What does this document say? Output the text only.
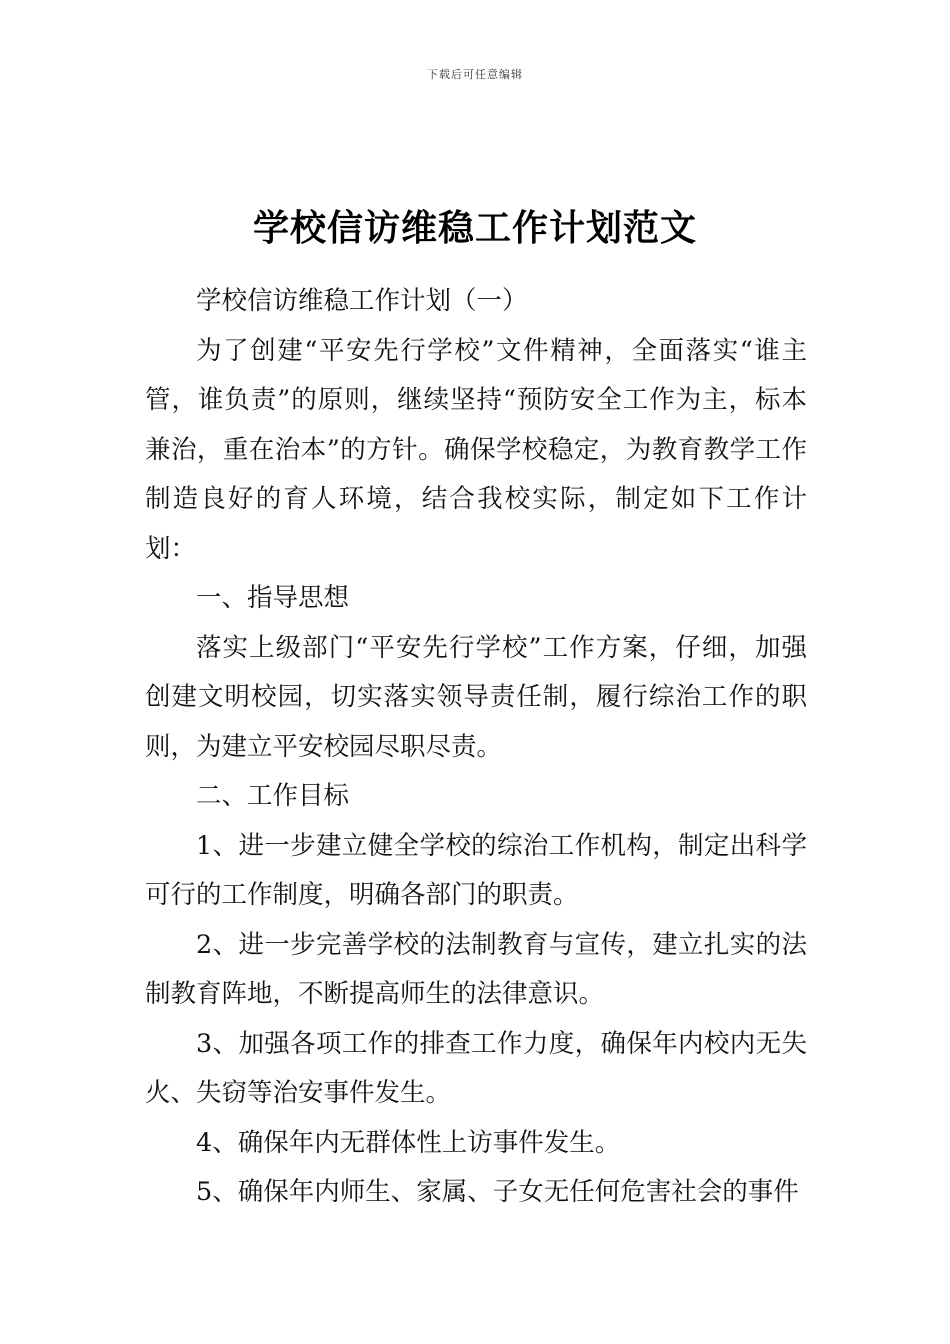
下载后可任意编辑
学校信访维稳工作计划范文

学校信访维稳工作计划（一）

为了创建“平安先行学校”文件精神，全面落实“谁主管，谁负责”的原则，继续坚持“预防安全工作为主，标本兼治，重在治本”的方针。确保学校稳定，为教育教学工作制造良好的育人环境，结合我校实际，制定如下工作计划：

一、指导思想

落实上级部门“平安先行学校”工作方案，仔细，加强创建文明校园，切实落实领导责任制，履行综治工作的职则，为建立平安校园尽职尽责。

二、工作目标

1、进一步建立健全学校的综治工作机构，制定出科学可行的工作制度，明确各部门的职责。

2、进一步完善学校的法制教育与宣传，建立扎实的法制教育阵地，不断提高师生的法律意识。

3、加强各项工作的排查工作力度，确保年内校内无失火、失窃等治安事件发生。

4、确保年内无群体性上访事件发生。

5、确保年内师生、家属、子女无任何危害社会的事件
